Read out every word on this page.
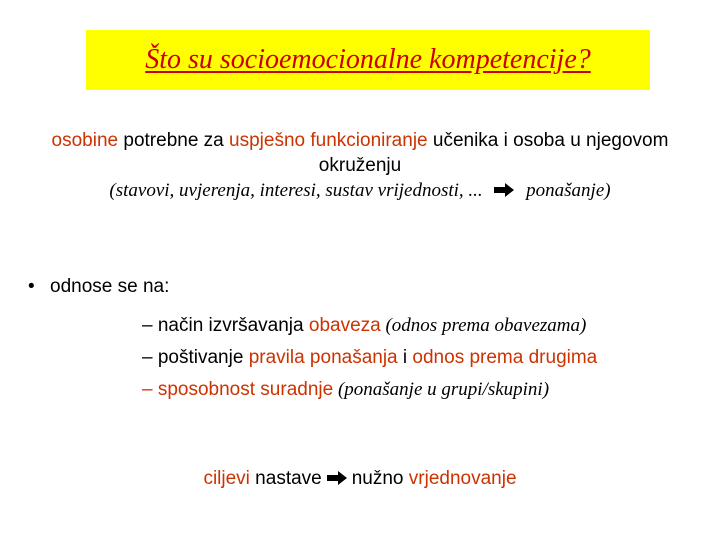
Što su socioemocionalne kompetencije?
osobine potrebne za uspješno funkcioniranje učenika i osoba u njegovom okruženju
(stavovi, uvjerenja, interesi, sustav vrijednosti, ...  ponašanje)
• odnose se na:
– način izvršavanja obaveza (odnos prema obavezama)
– poštivanje pravila ponašanja i odnos prema drugima
– sposobnost suradnje (ponašanje u grupi/skupini)
ciljevi nastave nužno vrjednovanje
